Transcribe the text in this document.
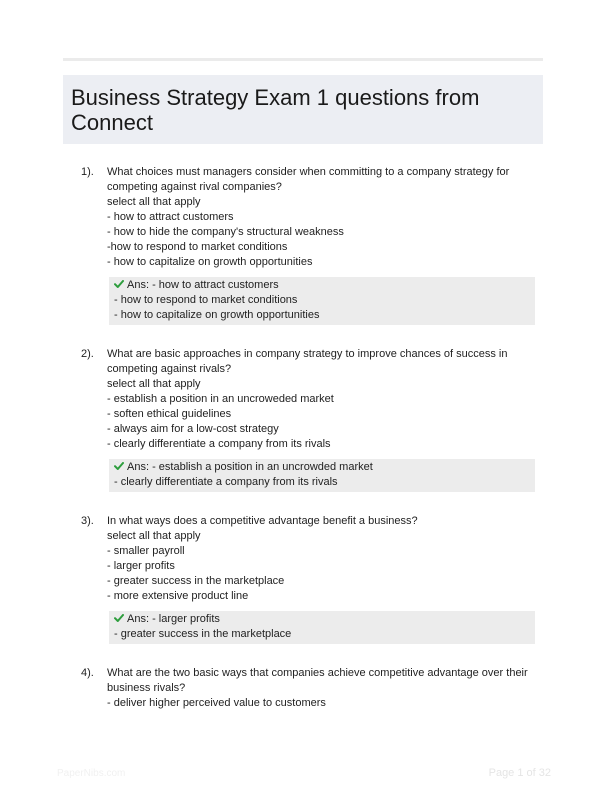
Business Strategy Exam 1 questions from Connect
1). What choices must managers consider when committing to a company strategy for
competing against rival companies?
select all that apply
- how to attract customers
- how to hide the company's structural weakness
-how to respond to market conditions
- how to capitalize on growth opportunities
Ans: - how to attract customers
- how to respond to market conditions
- how to capitalize on growth opportunities
2). What are basic approaches in company strategy to improve chances of success in
competing against rivals?
select all that apply
- establish a position in an uncroweded market
- soften ethical guidelines
- always aim for a low-cost strategy
- clearly differentiate a company from its rivals
Ans: - establish a position in an uncrowded market
- clearly differentiate a company from its rivals
3). In what ways does a competitive advantage benefit a business?
select all that apply
- smaller payroll
- larger profits
- greater success in the marketplace
- more extensive product line
Ans: - larger profits
- greater success in the marketplace
4). What are the two basic ways that companies achieve competitive advantage over their
business rivals?
- deliver higher perceived value to customers
PaperNibs.com	Page 1 of 32
